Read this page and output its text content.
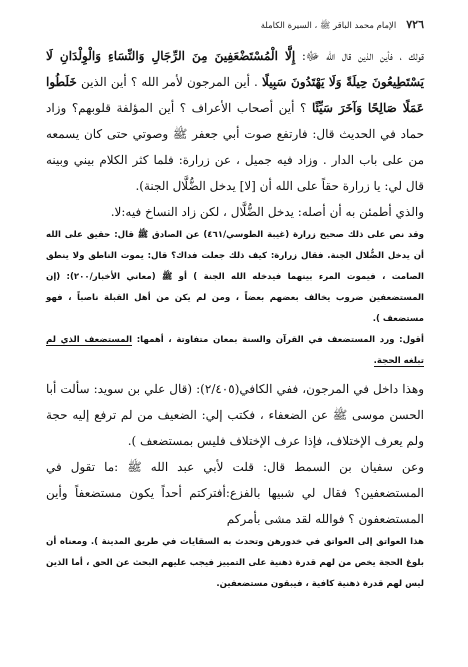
٧٢٦
الإمام محمد الباقر ﷺ ، السيرة الكاملة

قولك ، فأين الذين قال الله ﷻ: إِلَّا الْمُسْتَضْعَفِينَ مِنَ الرِّجَالِ وَالنِّسَاءِ وَالْوِلْدَانِ لَا يَسْتَطِيعُونَ حِيلَةً وَلَا يَهْتَدُونَ سَبِيلًا . أين المرجون لأمر الله ؟ أين الذين خَلَطُوا عَمَلًا صَالِحًا وَآخَرَ سَيِّئًا ؟ أين أصحاب الأعراف ؟ أين المؤلفة قلوبهم؟ وزاد حماد في الحديث قال: فارتفع صوت أبي جعفر ﷺ وصوتي حتى كان يسمعه من على باب الدار . وزاد فيه جميل ، عن زرارة: فلما كثر الكلام بيني وبينه قال لي: يا زرارة حقاً على الله أن [لا] يدخل الضُّلَّال الجنة).

والذي أطمئن به أن أصله: يدخل الضُّلَّال ، لكن زاد النساخ فيه:لا.

وقد نص على ذلك صحيح زرارة (غيبة الطوسي/٤٦١) عن الصادق ﷺ قال: حقيق على الله أن يدخل الضُّلال الجنة. فقال زرارة: كيف ذلك جعلت فداك؟ قال: يموت الناطق ولا ينطق الصامت ، فيموت المرء بينهما فيدخله الله الجنة ) أو ﷺ (معاني الأخبار/٢٠٠): (إن المستضعفين ضروب يخالف بعضهم بعضاً ، ومن لم يكن من أهل القبلة ناصباً ، فهو مستضعف ).

أقول: ورد المستضعف في القرآن والسنة بمعان متفاوتة ، أهمها: المستضعف الذي لم تبلغه الحجة.

وهذا داخل في المرجون، ففي الكافي(٢/٤٠٥): (قال علي بن سويد: سألت أبا الحسن موسى ﷺ عن الضعفاء ، فكتب إلي: الضعيف من لم ترفع إليه حجة ولم يعرف الإختلاف، فإذا عرف الإختلاف فليس بمستضعف ).

وعن سفيان بن السمط قال: قلت لأبي عبد الله ﷺ :ما تقول في المستضعفين؟ فقال لي شبيها بالفزع:أفتركتم أحداً يكون مستضعفاً وأين المستضعفون ؟ فوالله لقد مشى بأمركم

هذا العواتق إلى العواتق في خدورهن وتحدث به السقايات في طريق المدينة ). ومعناه أن بلوغ الحجة يخص من لهم قدرة ذهنية على التمييز فيجب عليهم البحث عن الحق ، أما الذين ليس لهم قدرة ذهنية كافية ، فيبقون مستضعفين.
